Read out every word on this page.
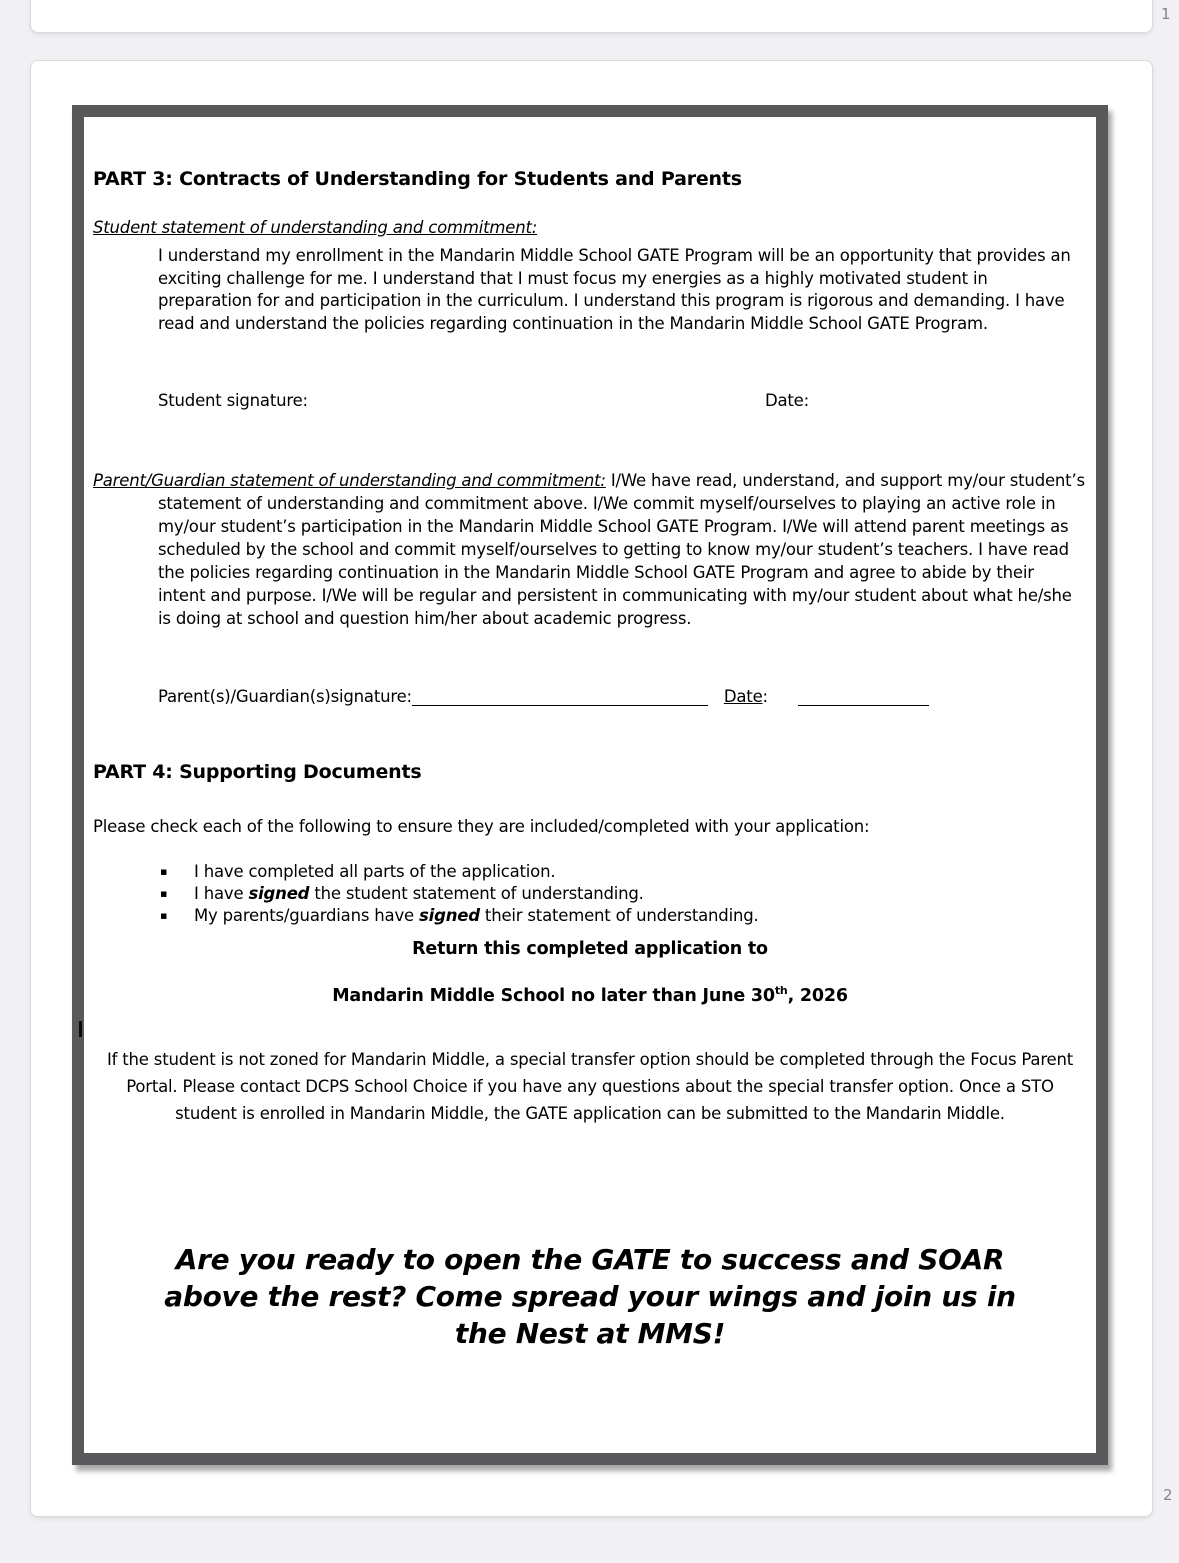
1
PART 3: Contracts of Understanding for Students and Parents
Student statement of understanding and commitment:
I understand my enrollment in the Mandarin Middle School GATE Program will be an opportunity that provides an exciting challenge for me. I understand that I must focus my energies as a highly motivated student in preparation for and participation in the curriculum. I understand this program is rigorous and demanding. I have read and understand the policies regarding continuation in the Mandarin Middle School GATE Program.
Student signature:	Date:
Parent/Guardian statement of understanding and commitment: I/We have read, understand, and support my/our student’s statement of understanding and commitment above. I/We commit myself/ourselves to playing an active role in my/our student’s participation in the Mandarin Middle School GATE Program. I/We will attend parent meetings as scheduled by the school and commit myself/ourselves to getting to know my/our student’s teachers. I have read the policies regarding continuation in the Mandarin Middle School GATE Program and agree to abide by their intent and purpose. I/We will be regular and persistent in communicating with my/our student about what he/she is doing at school and question him/her about academic progress.
Parent(s)/Guardian(s)signature:	Date:
PART 4: Supporting Documents
Please check each of the following to ensure they are included/completed with your application:
▪ I have completed all parts of the application.
▪ I have signed the student statement of understanding.
▪ My parents/guardians have signed their statement of understanding.
Return this completed application to
Mandarin Middle School no later than June 30th, 2026
If the student is not zoned for Mandarin Middle, a special transfer option should be completed through the Focus Parent Portal. Please contact DCPS School Choice if you have any questions about the special transfer option. Once a STO student is enrolled in Mandarin Middle, the GATE application can be submitted to the Mandarin Middle.
Are you ready to open the GATE to success and SOAR
above the rest? Come spread your wings and join us in
the Nest at MMS!
2
